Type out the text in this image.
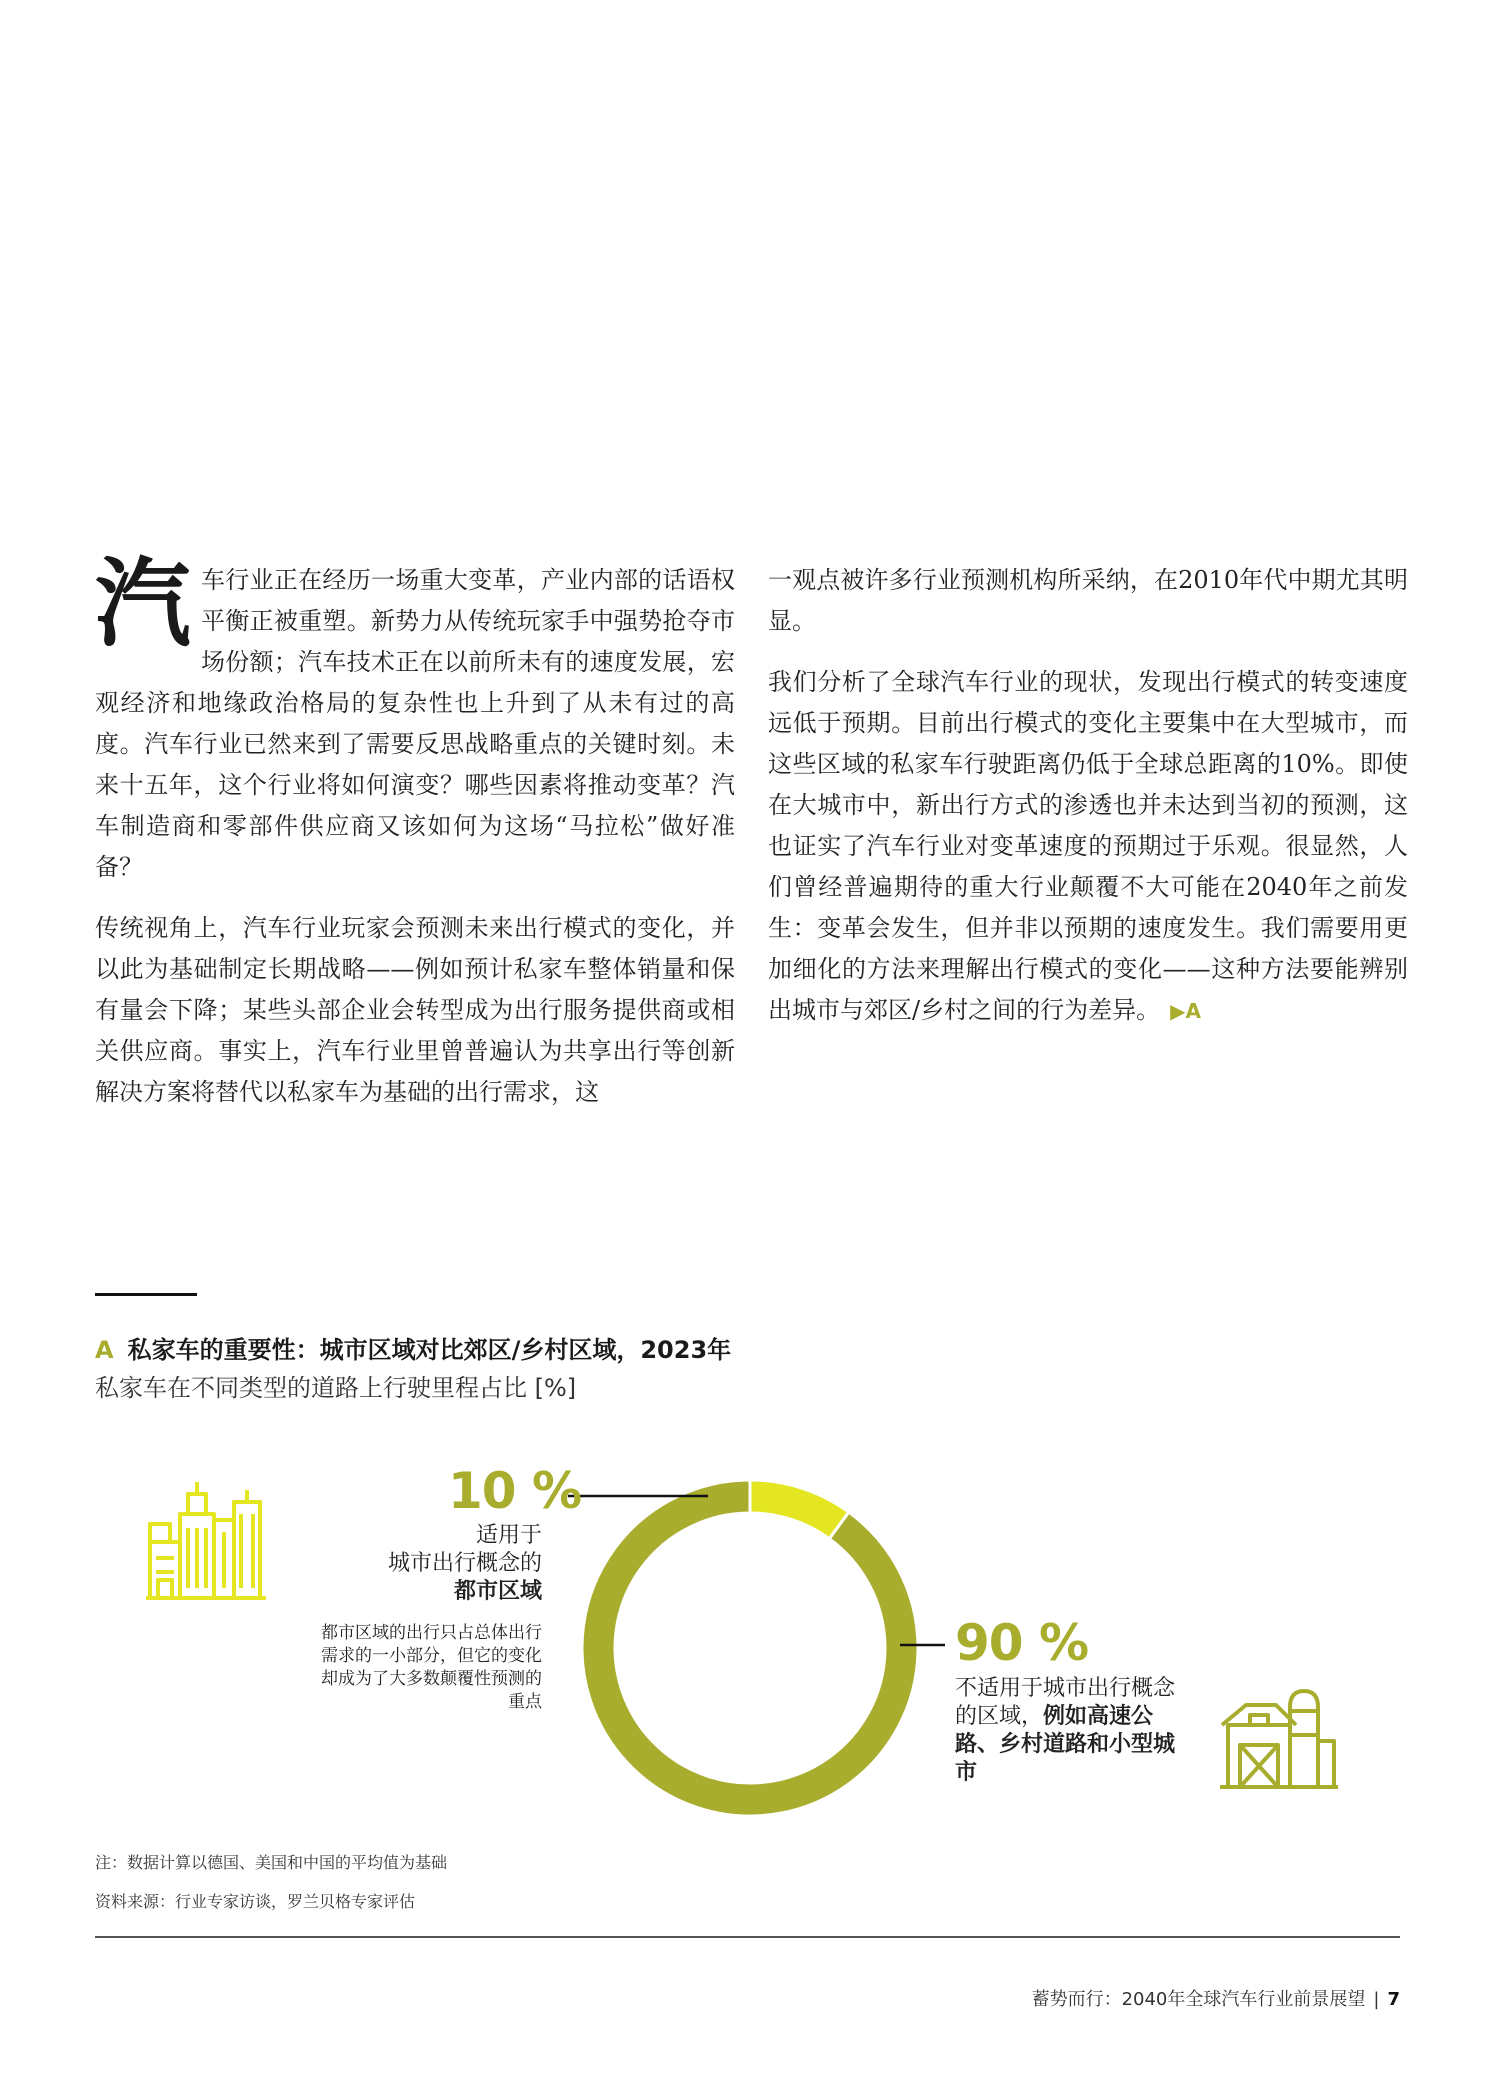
汽车行业正在经历一场重大变革，产业内部的话语权平衡正被重塑。新势力从传统玩家手中强势抢夺市场份额；汽车技术正在以前所未有的速度发展，宏观经济和地缘政治格局的复杂性也上升到了从未有过的高度。汽车行业已然来到了需要反思战略重点的关键时刻。未来十五年，这个行业将如何演变？哪些因素将推动变革？汽车制造商和零部件供应商又该如何为这场“马拉松”做好准备？

传统视角上，汽车行业玩家会预测未来出行模式的变化，并以此为基础制定长期战略——例如预计私家车整体销量和保有量会下降；某些头部企业会转型成为出行服务提供商或相关供应商。事实上，汽车行业里曾普遍认为共享出行等创新解决方案将替代以私家车为基础的出行需求，这

一观点被许多行业预测机构所采纳，在2010年代中期尤其明显。

我们分析了全球汽车行业的现状，发现出行模式的转变速度远低于预期。目前出行模式的变化主要集中在大型城市，而这些区域的私家车行驶距离仍低于全球总距离的10%。即使在大城市中，新出行方式的渗透也并未达到当初的预测，这也证实了汽车行业对变革速度的预期过于乐观。很显然，人们曾经普遍期待的重大行业颠覆不大可能在2040年之前发生：变革会发生，但并非以预期的速度发生。我们需要用更加细化的方法来理解出行模式的变化——这种方法要能辨别出城市与郊区/乡村之间的行为差异。 ▶A

A 私家车的重要性：城市区域对比郊区/乡村区域，2023年
私家车在不同类型的道路上行驶里程占比 [%]
10 %
适用于
城市出行概念的
都市区域
都市区域的出行只占总体出行需求的一小部分，但它的变化却成为了大多数颠覆性预测的重点
90 %
不适用于城市出行概念的区域，例如高速公路、乡村道路和小型城市
注：数据计算以德国、美国和中国的平均值为基础
资料来源：行业专家访谈，罗兰贝格专家评估
蓄势而行：2040年全球汽车行业前景展望 | 7
